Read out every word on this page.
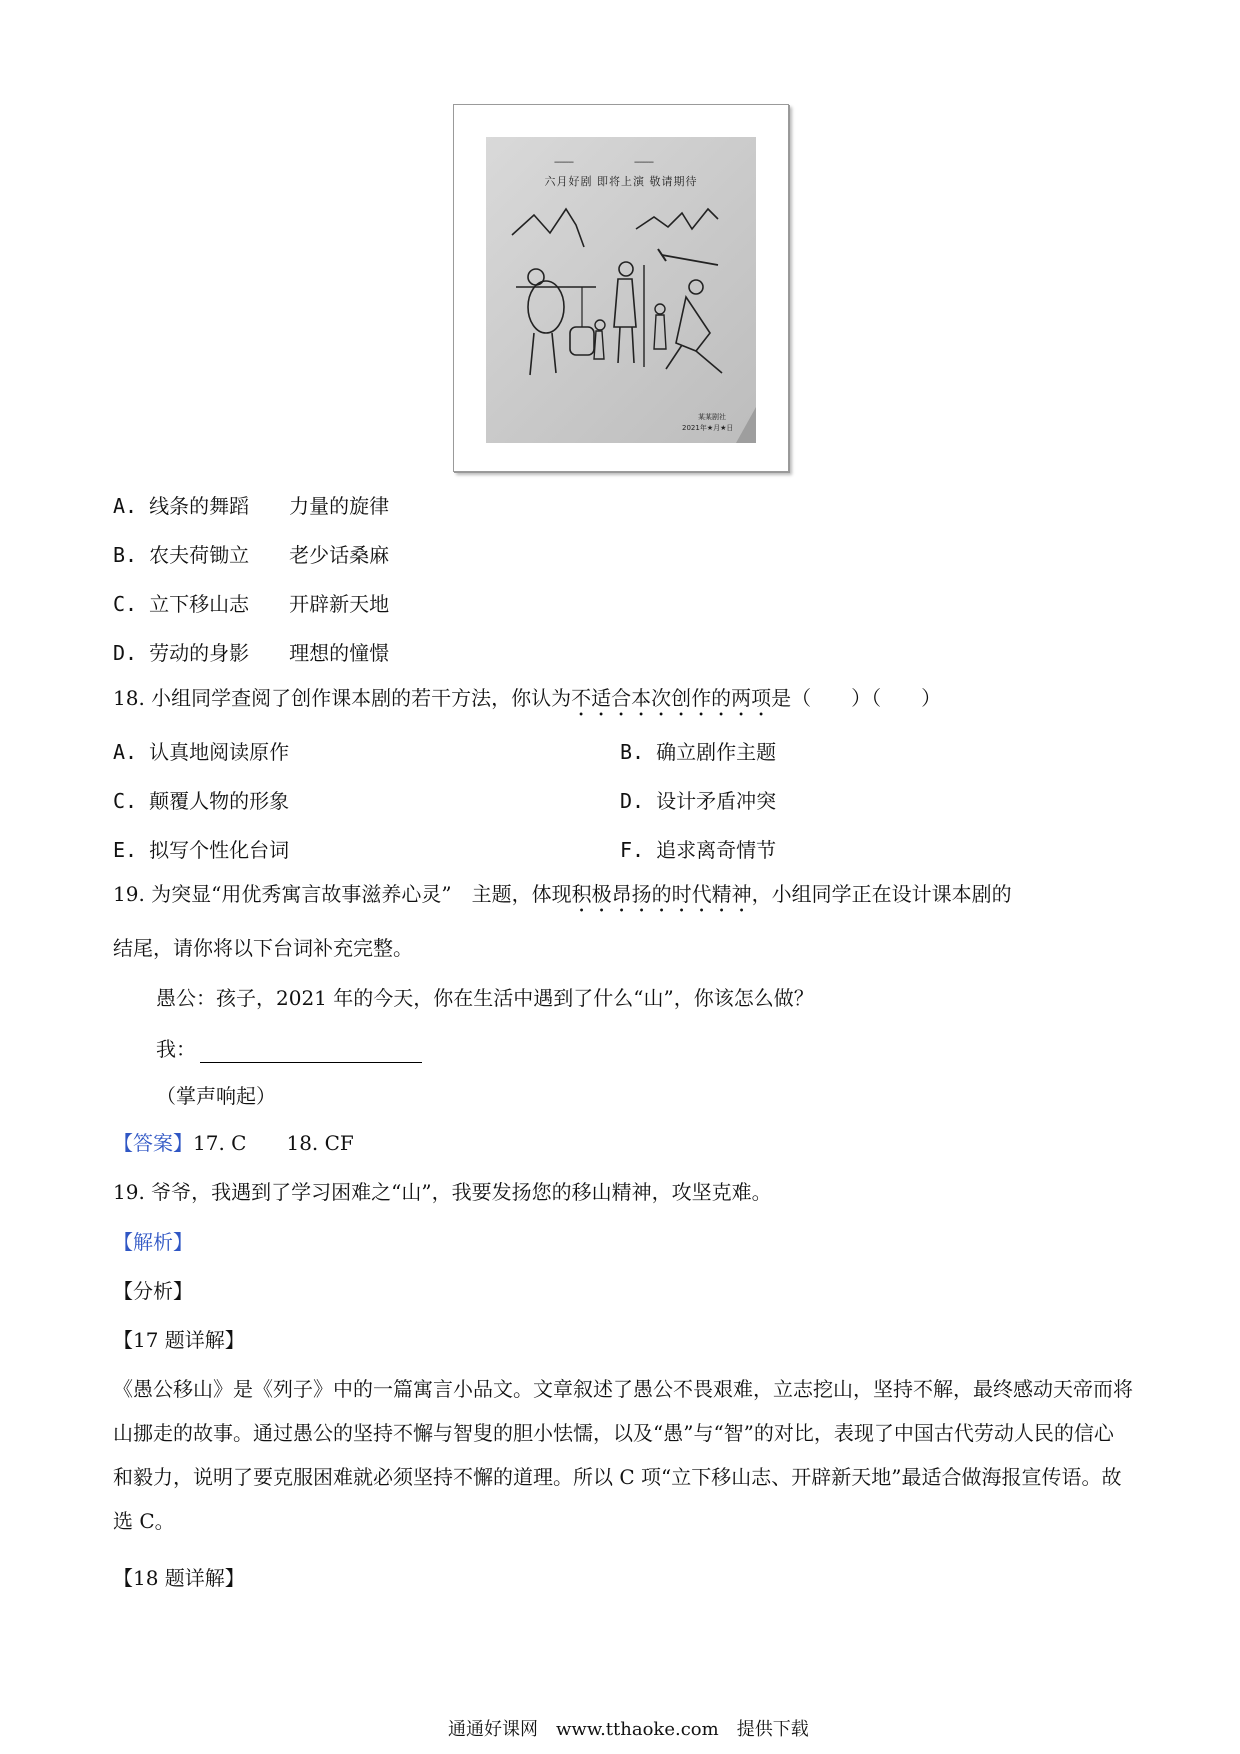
--------	--------
六月好剧 即将上演 敬请期待
某某剧社
2021年★月★日
A. 线条的舞蹈　　力量的旋律
B. 农夫荷锄立　　老少话桑麻
C. 立下移山志　　开辟新天地
D. 劳动的身影　　理想的憧憬
18. 小组同学查阅了创作课本剧的若干方法，你认为不适合本次创作的两项是（　　）（　　）
A. 认真地阅读原作	B. 确立剧作主题
C. 颠覆人物的形象	D. 设计矛盾冲突
E. 拟写个性化台词	F. 追求离奇情节
19. 为突显“用优秀寓言故事滋养心灵”　主题，体现积极昂扬的时代精神，小组同学正在设计课本剧的
结尾，请你将以下台词补充完整。
愚公：孩子，2021 年的今天，你在生活中遇到了什么“山”，你该怎么做？
我：
（掌声响起）
【答案】17. C 18. CF
19. 爷爷，我遇到了学习困难之“山”，我要发扬您的移山精神，攻坚克难。
【解析】
【分析】
【17 题详解】
《愚公移山》是《列子》中的一篇寓言小品文。文章叙述了愚公不畏艰难，立志挖山，坚持不解，最终感动天帝而将山挪走的故事。通过愚公的坚持不懈与智叟的胆小怯懦，以及“愚”与“智”的对比，表现了中国古代劳动人民的信心和毅力，说明了要克服困难就必须坚持不懈的道理。所以 C 项“立下移山志、开辟新天地”最适合做海报宣传语。故选 C。
【18 题详解】
通通好课网　www.tthaoke.com　提供下载
